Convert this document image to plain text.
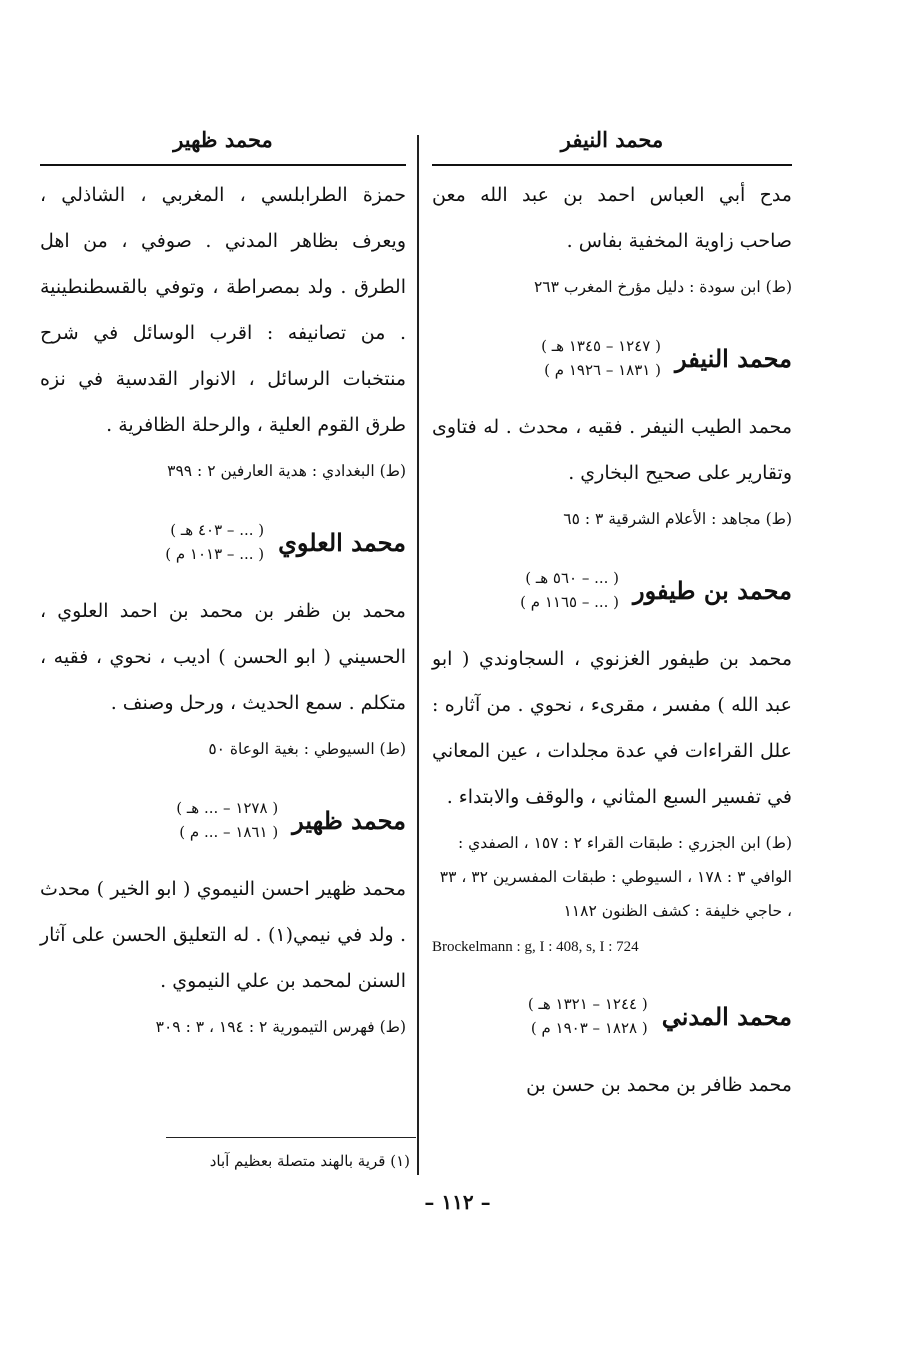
محمد النيفر
مدح أبي العباس احمد بن عبد الله معن صاحب زاوية المخفية بفاس .
(ط) ابن سودة : دليل مؤرخ المغرب ٢٦٣
محمد النيفر
( ١٢٤٧ – ١٣٤٥ هـ )
( ١٨٣١ – ١٩٢٦ م )
محمد الطيب النيفر . فقيه ، محدث . له فتاوى وتقارير على صحيح البخاري .
(ط) مجاهد : الأعلام الشرقية ٣ : ٦٥
محمد بن طيفور
( ... – ٥٦٠ هـ )
( ... – ١١٦٥ م )
محمد بن طيفور الغزنوي ، السجاوندي ( ابو عبد الله ) مفسر ، مقرىء ، نحوي . من آثاره : علل القراءات في عدة مجلدات ، عين المعاني في تفسير السبع المثاني ، والوقف والابتداء .
(ط) ابن الجزري : طبقات القراء ٢ : ١٥٧ ، الصفدي : الوافي ٣ : ١٧٨ ، السيوطي : طبقات المفسرين ٣٢ ، ٣٣ ، حاجي خليفة : كشف الظنون ١١٨٢
Brockelmann : g, I : 408, s, I : 724
محمد المدني
( ١٢٤٤ – ١٣٢١ هـ )
( ١٨٢٨ – ١٩٠٣ م )
محمد ظافر بن محمد بن حسن بن
محمد ظهير
حمزة الطرابلسي ، المغربي ، الشاذلي ، ويعرف بظاهر المدني . صوفي ، من اهل الطرق . ولد بمصراطة ، وتوفي بالقسطنطينية . من تصانيفه : اقرب الوسائل في شرح منتخبات الرسائل ، الانوار القدسية في نزه طرق القوم العلية ، والرحلة الظافرية .
(ط) البغدادي : هدية العارفين ٢ : ٣٩٩
محمد العلوي
( ... – ٤٠٣ هـ )
( ... – ١٠١٣ م )
محمد بن ظفر بن محمد بن احمد العلوي ، الحسيني ( ابو الحسن ) اديب ، نحوي ، فقيه ، متكلم . سمع الحديث ، ورحل وصنف .
(ط) السيوطي : بغية الوعاة ٥٠
محمد ظهير
( ١٢٧٨ – ... هـ )
( ١٨٦١ – ... م )
محمد ظهير احسن النيموي ( ابو الخير ) محدث . ولد في نيمي(١) . له التعليق الحسن على آثار السنن لمحمد بن علي النيموي .
(ط) فهرس التيمورية ٢ : ١٩٤ ، ٣ : ٣٠٩
(١) قرية بالهند متصلة بعظيم آباد
– ١١٢ –
